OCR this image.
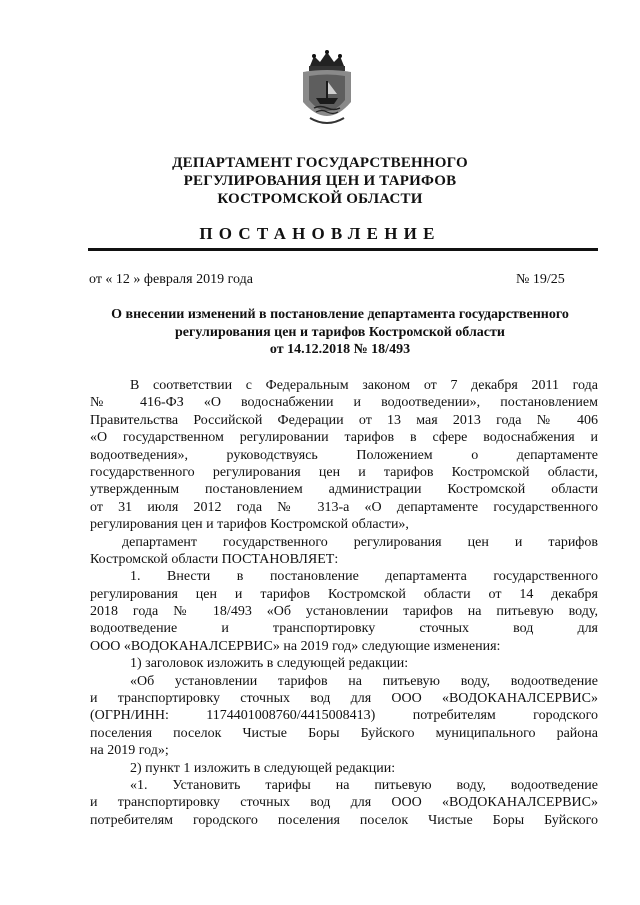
ДЕПАРТАМЕНТ ГОСУДАРСТВЕННОГО
РЕГУЛИРОВАНИЯ ЦЕН И ТАРИФОВ
КОСТРОМСКОЙ ОБЛАСТИ
ПОСТАНОВЛЕНИЕ
от « 12 » февраля 2019 года	№ 19/25
О внесении изменений в постановление департамента государственного
регулирования цен и тарифов Костромской области
от 14.12.2018 № 18/493
В соответствии с Федеральным законом от 7 декабря 2011 года
№ 416-ФЗ «О водоснабжении и водоотведении», постановлением
Правительства Российской Федерации от 13 мая 2013 года № 406
«О государственном регулировании тарифов в сфере водоснабжения и
водоотведения», руководствуясь Положением о департаменте
государственного регулирования цен и тарифов Костромской области,
утвержденным постановлением администрации Костромской области
от 31 июля 2012 года № 313-а «О департаменте государственного
регулирования цен и тарифов Костромской области»,
департамент государственного регулирования цен и тарифов
Костромской области ПОСТАНОВЛЯЕТ:
1. Внести в постановление департамента государственного
регулирования цен и тарифов Костромской области от 14 декабря
2018 года № 18/493 «Об установлении тарифов на питьевую воду,
водоотведение и транспортировку сточных вод для
ООО «ВОДОКАНАЛСЕРВИС» на 2019 год» следующие изменения:
1) заголовок изложить в следующей редакции:
«Об установлении тарифов на питьевую воду, водоотведение
и транспортировку сточных вод для ООО «ВОДОКАНАЛСЕРВИС»
(ОГРН/ИНН: 1174401008760/4415008413) потребителям городского
поселения поселок Чистые Боры Буйского муниципального района
на 2019 год»;
2) пункт 1 изложить в следующей редакции:
«1. Установить тарифы на питьевую воду, водоотведение
и транспортировку сточных вод для ООО «ВОДОКАНАЛСЕРВИС»
потребителям городского поселения поселок Чистые Боры Буйского
